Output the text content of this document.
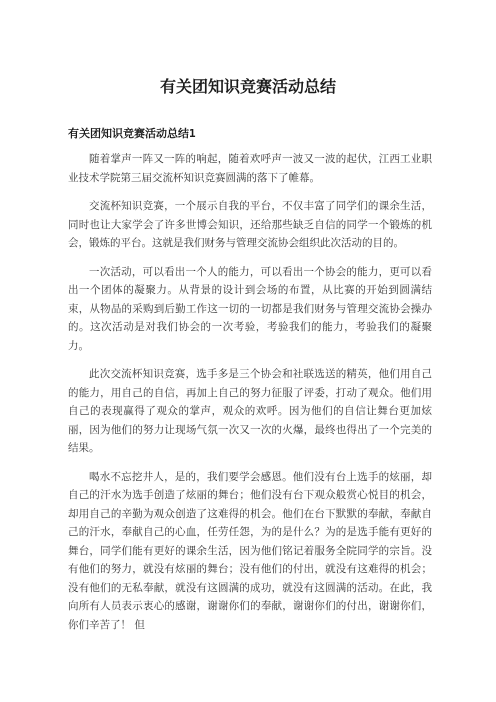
有关团知识竞赛活动总结
有关团知识竞赛活动总结1

随着掌声一阵又一阵的响起，随着欢呼声一波又一波的起伏，江西工业职业技术学院第三届交流杯知识竞赛圆满的落下了帷幕。

交流杯知识竞赛，一个展示自我的平台，不仅丰富了同学们的课余生活，同时也让大家学会了许多世博会知识，还给那些缺乏自信的同学一个锻炼的机会，锻炼的平台。这就是我们财务与管理交流协会组织此次活动的目的。

一次活动，可以看出一个人的能力，可以看出一个协会的能力，更可以看出一个团体的凝聚力。从背景的设计到会场的布置，从比赛的开始到圆满结束，从物品的采购到后勤工作这一切的一切都是我们财务与管理交流协会操办的。这次活动是对我们协会的一次考验，考验我们的能力，考验我们的凝聚力。

此次交流杯知识竞赛，选手多是三个协会和社联选送的精英，他们用自己的能力，用自己的自信，再加上自己的努力征服了评委，打动了观众。他们用自己的表现赢得了观众的掌声，观众的欢呼。因为他们的自信让舞台更加炫丽，因为他们的努力让现场气氛一次又一次的火爆，最终也得出了一个完美的结果。

喝水不忘挖井人，是的，我们要学会感恩。他们没有台上选手的炫丽，却自己的汗水为选手创造了炫丽的舞台；他们没有台下观众般赏心悦目的机会，却用自己的辛勤为观众创造了这难得的机会。他们在台下默默的奉献，奉献自己的汗水，奉献自己的心血，任劳任怨，为的是什么？为的是选手能有更好的舞台，同学们能有更好的课余生活，因为他们铭记着服务全院同学的宗旨。没有他们的努力，就没有炫丽的舞台；没有他们的付出，就没有这难得的机会；没有他们的无私奉献，就没有这圆满的成功，就没有这圆满的活动。在此，我向所有人员表示衷心的感谢，谢谢你们的奉献，谢谢你们的付出，谢谢你们，你们辛苦了！ 但
